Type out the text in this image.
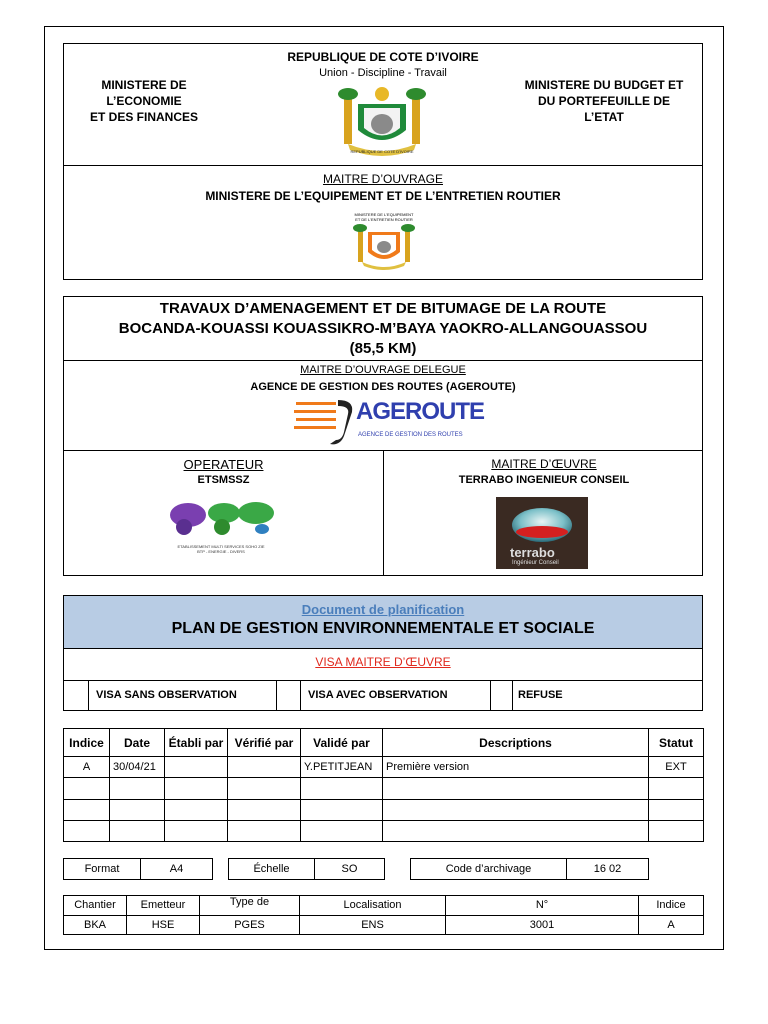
REPUBLIQUE DE COTE D’IVOIRE
Union - Discipline - Travail
MINISTERE DE L’ECONOMIE
ET DES FINANCES
MINISTERE DU BUDGET ET
DU PORTEFEUILLE DE
L’ETAT
REPUBLIQUE DE COTE D'IVOIRE
MAITRE D’OUVRAGE
MINISTERE DE L’EQUIPEMENT ET DE L’ENTRETIEN ROUTIER
MINISTERE DE L'EQUIPEMENT ET DE L'ENTRETIEN ROUTIER
TRAVAUX D’AMENAGEMENT ET DE BITUMAGE DE LA ROUTE
BOCANDA-KOUASSI KOUASSIKRO-M’BAYA YAOKRO-ALLANGOUASSOU
(85,5 KM)
MAITRE D’OUVRAGE DELEGUE
AGENCE DE GESTION DES ROUTES (AGEROUTE)
AGEROUTE
AGENCE DE GESTION DES ROUTES
OPERATEUR
ETSMSSZ
ETABLISSEMENT MULTI SERVICES SOHO ZIE
BTP - ENERGIE - DIVERS
MAITRE D’ŒUVRE
TERRABO INGENIEUR CONSEIL
terrabo
Ingénieur Conseil
Document de planification
PLAN DE GESTION ENVIRONNEMENTALE ET SOCIALE
VISA MAITRE D’ŒUVRE
VISA SANS OBSERVATION	VISA AVEC OBSERVATION	REFUSE
Indice	Date	Établi par	Vérifié par	Validé par	Descriptions	Statut
A	30/04/21			Y.PETITJEAN	Première version	EXT

Format	A4	Échelle	SO	Code d’archivage	16 02
Chantier	Emetteur	Type de	Localisation	N°	Indice
BKA	HSE	PGES	ENS	3001	A
